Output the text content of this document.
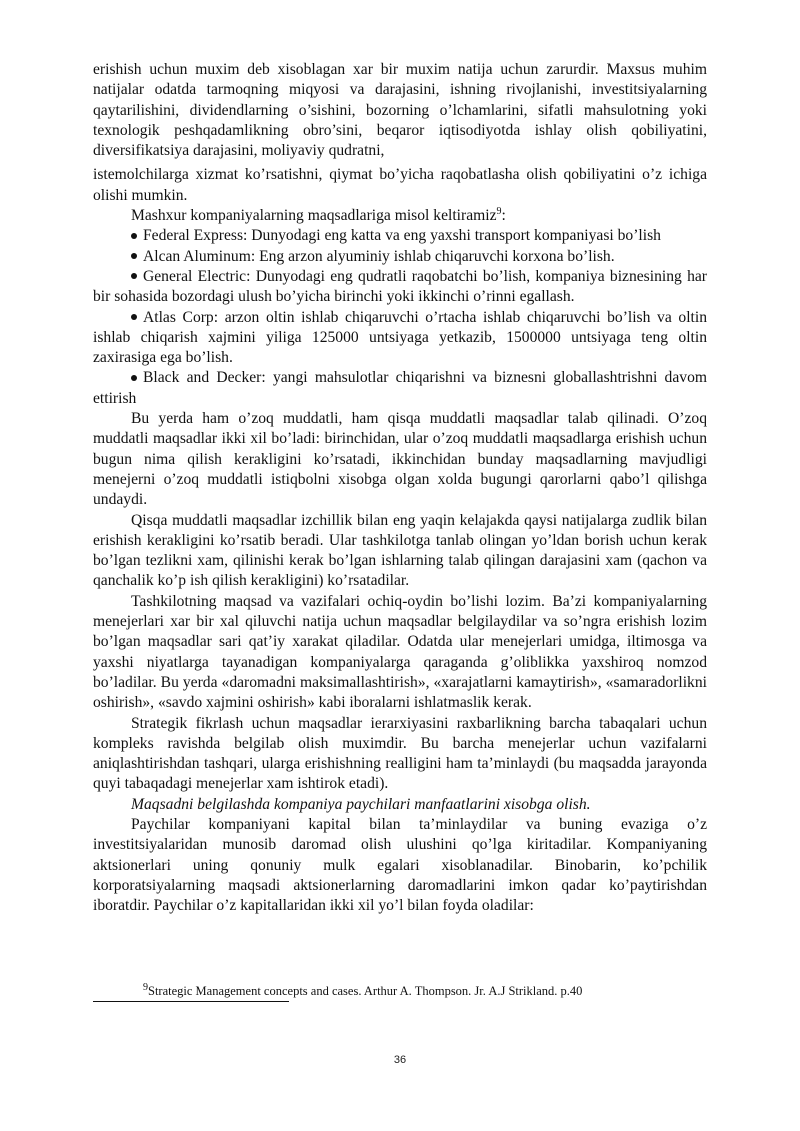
erishish uchun muxim deb xisoblagan xar bir muxim natija uchun zarurdir. Maxsus muhim natijalar odatda tarmoqning miqyosi va darajasini, ishning rivojlanishi, investitsiyalarning qaytarilishini, dividendlarning o’sishini, bozorning o’lchamlarini, sifatli mahsulotning yoki texnologik peshqadamlikning obro’sini, beqaror iqtisodiyotda ishlay olish qobiliyatini, diversifikatsiya darajasini, moliyaviy qudratni,

istemolchilarga xizmat ko’rsatishni, qiymat bo’yicha raqobatlasha olish qobiliyatini o’z ichiga olishi mumkin.

Mashxur kompaniyalarning maqsadlariga misol keltiramiz$^9$:

Federal Express: Dunyodagi eng katta va eng yaxshi transport kompaniyasi bo’lish

Alcan Aluminum: Eng arzon alyuminiy ishlab chiqaruvchi korxona bo’lish.

General Electric: Dunyodagi eng qudratli raqobatchi bo’lish, kompaniya biznesining har bir sohasida bozordagi ulush bo’yicha birinchi yoki ikkinchi o’rinni egallash.

Atlas Corp: arzon oltin ishlab chiqaruvchi o’rtacha ishlab chiqaruvchi bo’lish va oltin ishlab chiqarish xajmini yiliga 125000 untsiyaga yetkazib, 1500000 untsiyaga teng oltin zaxirasiga ega bo’lish.

Black and Decker: yangi mahsulotlar chiqarishni va biznesni globallashtrishni davom ettirish

Bu yerda ham o’zoq muddatli, ham qisqa muddatli maqsadlar talab qilinadi. O’zoq muddatli maqsadlar ikki xil bo’ladi: birinchidan, ular o’zoq muddatli maqsadlarga erishish uchun bugun nima qilish kerakligini ko’rsatadi, ikkinchidan bunday maqsadlarning mavjudligi menejerni o’zoq muddatli istiqbolni xisobga olgan xolda bugungi qarorlarni qabo’l qilishga undaydi.

Qisqa muddatli maqsadlar izchillik bilan eng yaqin kelajakda qaysi natijalarga zudlik bilan erishish kerakligini ko’rsatib beradi. Ular tashkilotga tanlab olingan yo’ldan borish uchun kerak bo’lgan tezlikni xam, qilinishi kerak bo’lgan ishlarning talab qilingan darajasini xam (qachon va qanchalik ko’p ish qilish kerakligini) ko’rsatadilar.

Tashkilotning maqsad va vazifalari ochiq-oydin bo’lishi lozim. Ba’zi kompaniyalarning menejerlari xar bir xal qiluvchi natija uchun maqsadlar belgilaydilar va so’ngra erishish lozim bo’lgan maqsadlar sari qat’iy xarakat qiladilar. Odatda ular menejerlari umidga, iltimosga va yaxshi niyatlarga tayanadigan kompaniyalarga qaraganda g’oliblikka yaxshiroq nomzod bo’ladilar. Bu yerda «daromadni maksimallashtirish», «xarajatlarni kamaytirish», «samaradorlikni oshirish», «savdo xajmini oshirish» kabi iboralarni ishlatmaslik kerak.

Strategik fikrlash uchun maqsadlar ierarxiyasini raxbarlikning barcha tabaqalari uchun kompleks ravishda belgilab olish muximdir. Bu barcha menejerlar uchun vazifalarni aniqlashtirishdan tashqari, ularga erishishning realligini ham ta’minlaydi (bu maqsadda jarayonda quyi tabaqadagi menejerlar xam ishtirok etadi).

Maqsadni belgilashda kompaniya paychilari manfaatlarini xisobga olish.

Paychilar kompaniyani kapital bilan ta’minlaydilar va buning evaziga o’z investitsiyalaridan munosib daromad olish ulushini qo’lga kiritadilar. Kompaniyaning aktsionerlari uning qonuniy mulk egalari xisoblanadilar. Binobarin, ko’pchilik korporatsiyalarning maqsadi aktsionerlarning daromadlarini imkon qadar ko’paytirishdan iboratdir. Paychilar o’z kapitallaridan ikki xil yo’l bilan foyda oladilar:

$^9$Strategic Management concepts and cases. Arthur A. Thompson. Jr. A.J Strikland. p.40
36
